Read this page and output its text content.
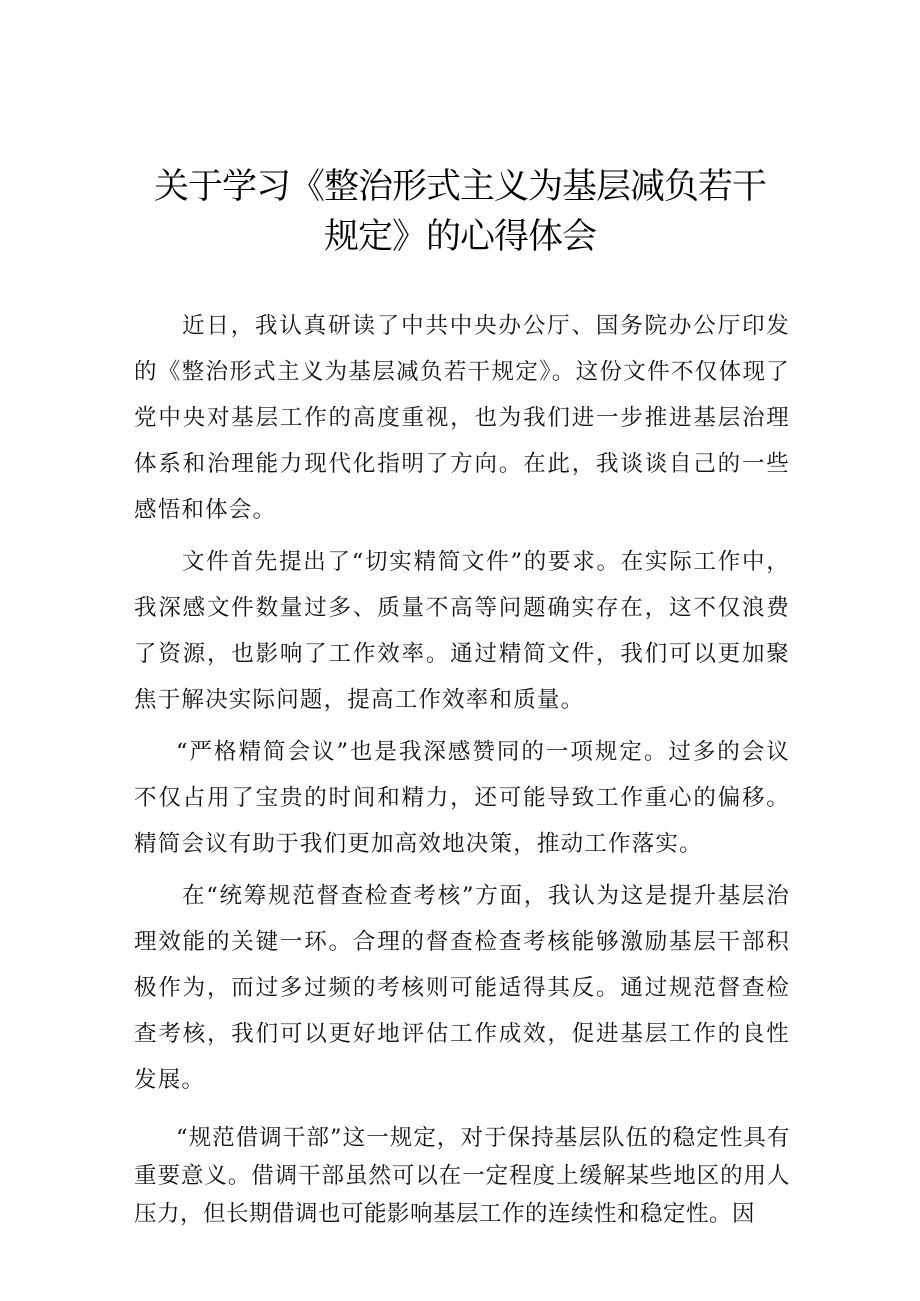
关于学习《整治形式主义为基层减负若干
规定》的心得体会

近日，我认真研读了中共中央办公厅、国务院办公厅印发的《整治形式主义为基层减负若干规定》。这份文件不仅体现了党中央对基层工作的高度重视，也为我们进一步推进基层治理体系和治理能力现代化指明了方向。在此，我谈谈自己的一些感悟和体会。

文件首先提出了“切实精简文件”的要求。在实际工作中，我深感文件数量过多、质量不高等问题确实存在，这不仅浪费了资源，也影响了工作效率。通过精简文件，我们可以更加聚焦于解决实际问题，提高工作效率和质量。

“严格精简会议”也是我深感赞同的一项规定。过多的会议不仅占用了宝贵的时间和精力，还可能导致工作重心的偏移。精简会议有助于我们更加高效地决策，推动工作落实。

在“统筹规范督查检查考核”方面，我认为这是提升基层治理效能的关键一环。合理的督查检查考核能够激励基层干部积极作为，而过多过频的考核则可能适得其反。通过规范督查检查考核，我们可以更好地评估工作成效，促进基层工作的良性发展。

“规范借调干部”这一规定，对于保持基层队伍的稳定性具有重要意义。借调干部虽然可以在一定程度上缓解某些地区的用人压力，但长期借调也可能影响基层工作的连续性和稳定性。因
